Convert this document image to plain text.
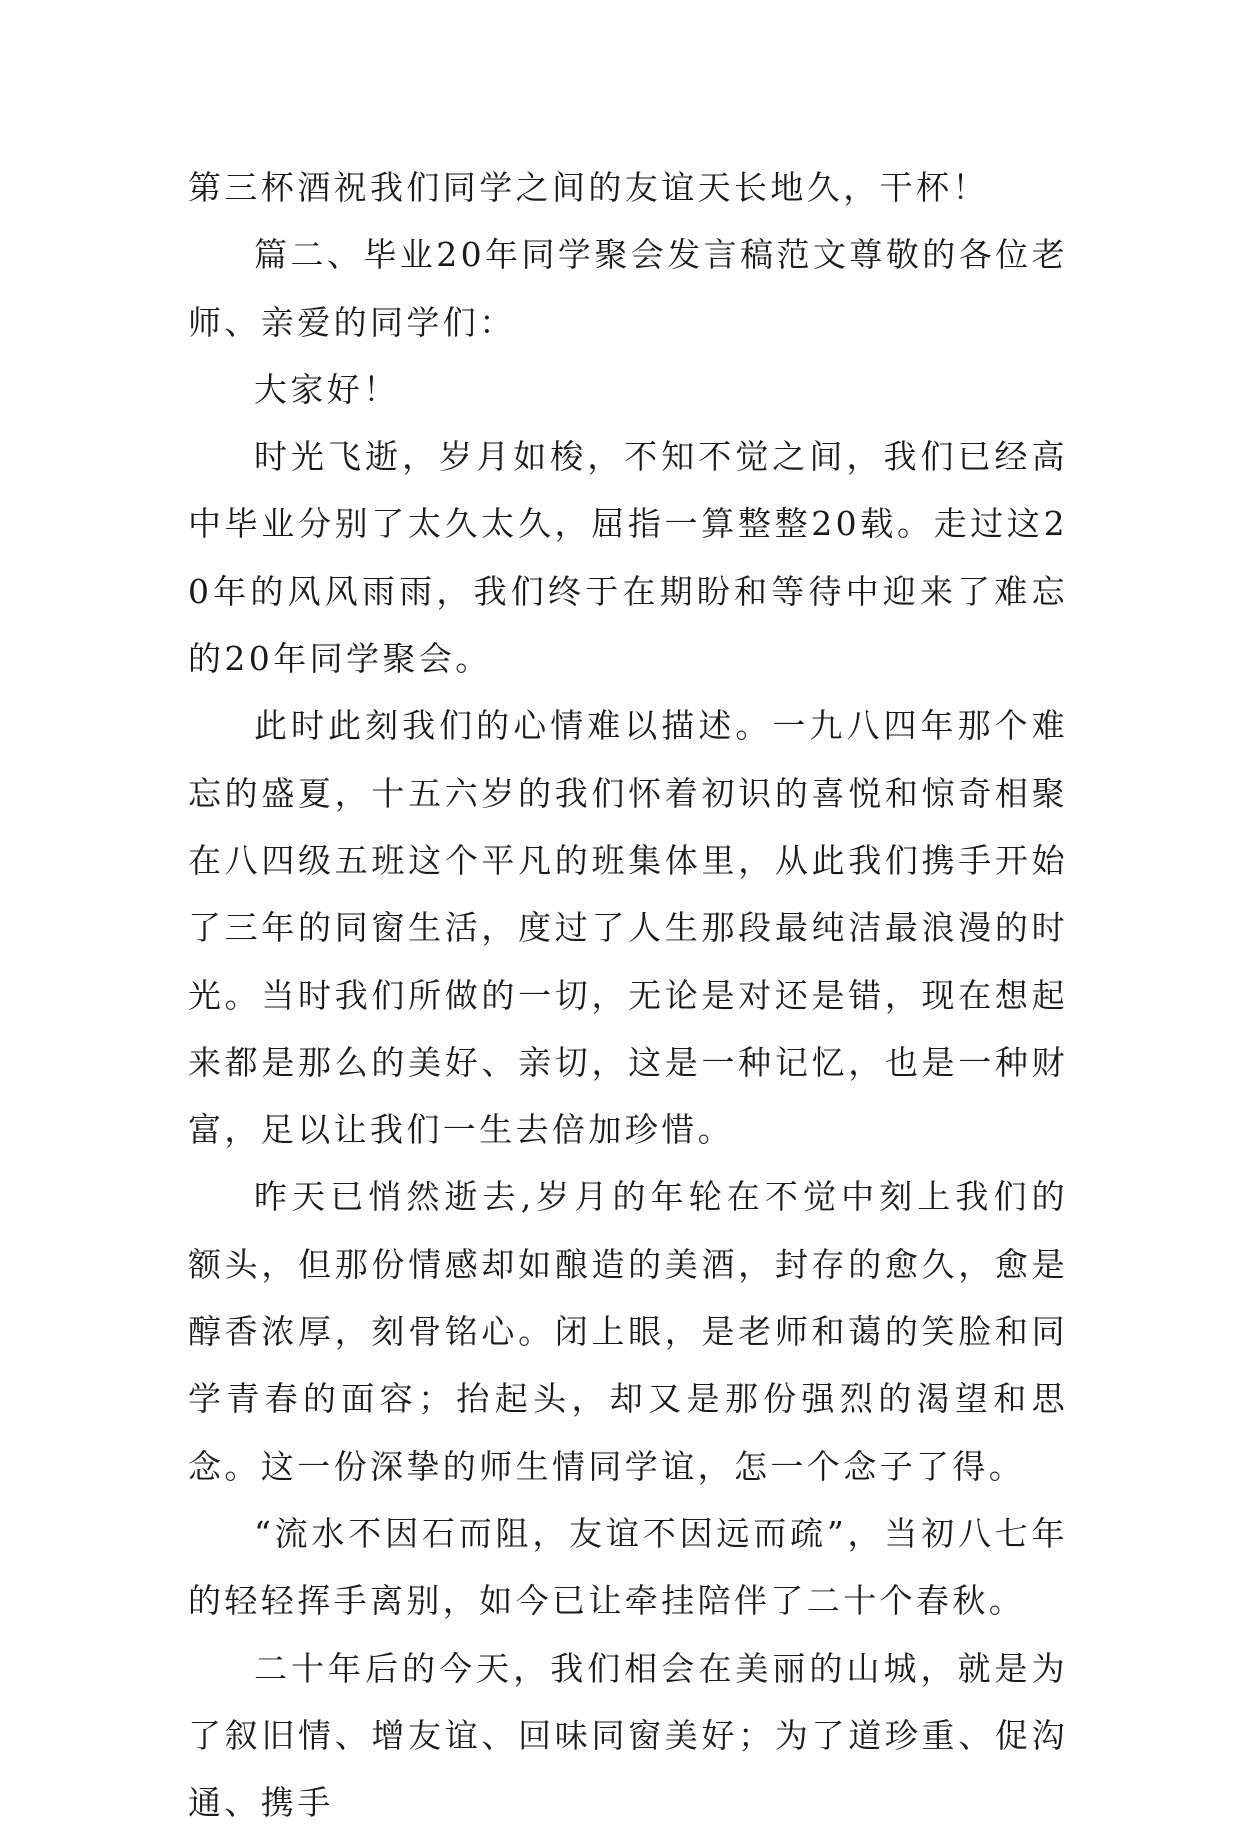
第三杯酒祝我们同学之间的友谊天长地久，干杯！

篇二、毕业20年同学聚会发言稿范文尊敬的各位老师、亲爱的同学们：

大家好！

时光飞逝，岁月如梭，不知不觉之间，我们已经高中毕业分别了太久太久，屈指一算整整20载。走过这20年的风风雨雨，我们终于在期盼和等待中迎来了难忘的20年同学聚会。

此时此刻我们的心情难以描述。一九八四年那个难忘的盛夏，十五六岁的我们怀着初识的喜悦和惊奇相聚在八四级五班这个平凡的班集体里，从此我们携手开始了三年的同窗生活，度过了人生那段最纯洁最浪漫的时光。当时我们所做的一切，无论是对还是错，现在想起来都是那么的美好、亲切，这是一种记忆，也是一种财富，足以让我们一生去倍加珍惜。

昨天已悄然逝去,岁月的年轮在不觉中刻上我们的额头，但那份情感却如酿造的美酒，封存的愈久，愈是醇香浓厚，刻骨铭心。闭上眼，是老师和蔼的笑脸和同学青春的面容；抬起头，却又是那份强烈的渴望和思念。这一份深挚的师生情同学谊，怎一个念子了得。

“流水不因石而阻，友谊不因远而疏”，当初八七年的轻轻挥手离别，如今已让牵挂陪伴了二十个春秋。

二十年后的今天，我们相会在美丽的山城，就是为了叙旧情、增友谊、回味同窗美好；为了道珍重、促沟通、携手
